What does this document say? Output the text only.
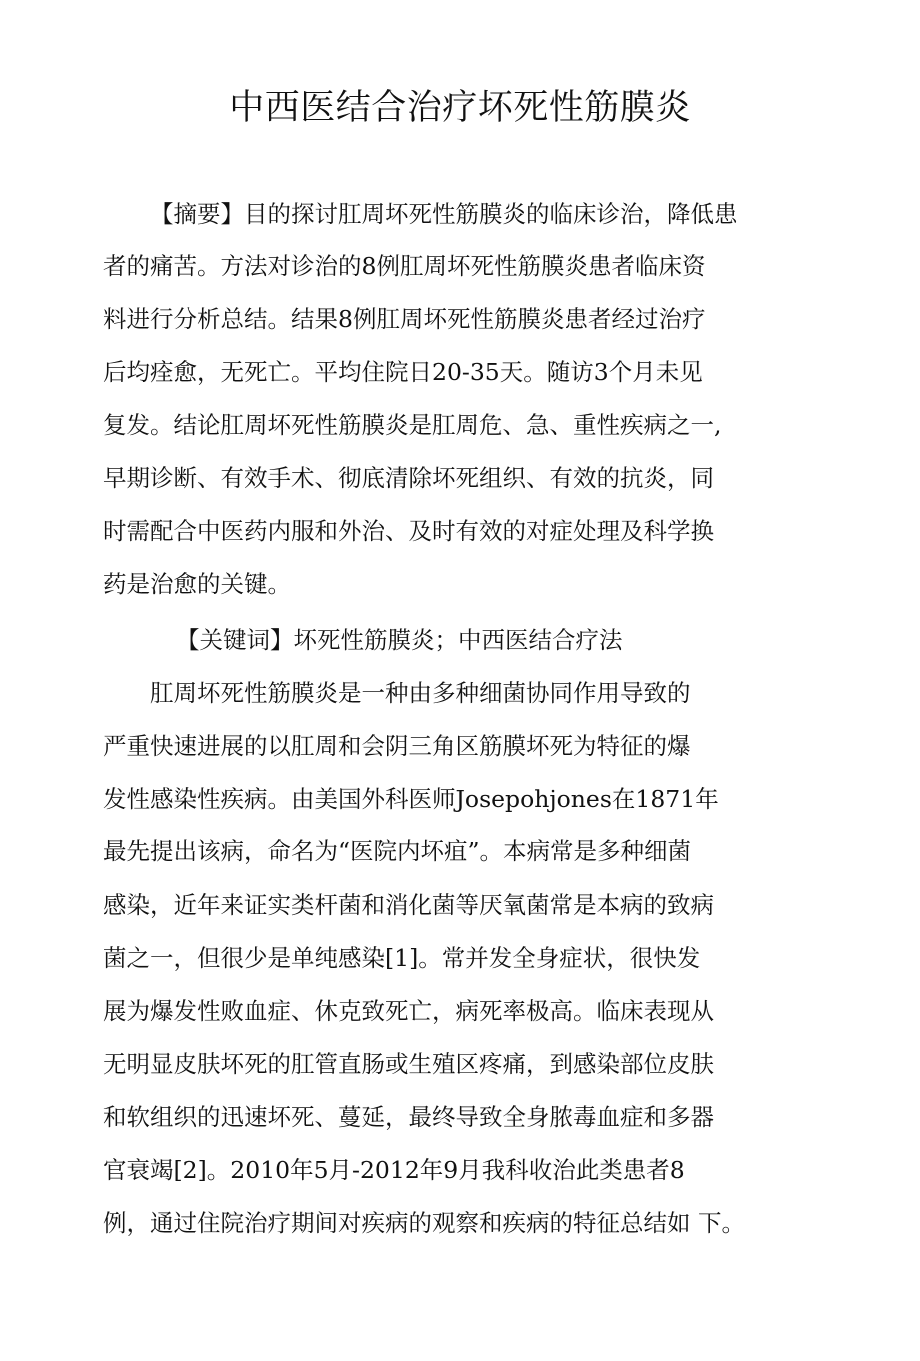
中西医结合治疗坏死性筋膜炎
【摘要】目的探讨肛周坏死性筋膜炎的临床诊治，降低患
者的痛苦。方法对诊治的8例肛周坏死性筋膜炎患者临床资
料进行分析总结。结果8例肛周坏死性筋膜炎患者经过治疗
后均痊愈，无死亡。平均住院日20-35天。随访3个月未见
复发。结论肛周坏死性筋膜炎是肛周危、急、重性疾病之一,
早期诊断、有效手术、彻底清除坏死组织、有效的抗炎，同
时需配合中医药内服和外治、及时有效的对症处理及科学换
药是治愈的关键。
【关键词】坏死性筋膜炎；中西医结合疗法
肛周坏死性筋膜炎是一种由多种细菌协同作用导致的
严重快速进展的以肛周和会阴三角区筋膜坏死为特征的爆
发性感染性疾病。由美国外科医师Josepohjones在1871年
最先提出该病，命名为“医院内坏疽”。本病常是多种细菌
感染，近年来证实类杆菌和消化菌等厌氧菌常是本病的致病
菌之一，但很少是单纯感染[1]。常并发全身症状，很快发
展为爆发性败血症、休克致死亡，病死率极高。临床表现从
无明显皮肤坏死的肛管直肠或生殖区疼痛，到感染部位皮肤
和软组织的迅速坏死、蔓延，最终导致全身脓毒血症和多器
官衰竭[2]。2010年5月-2012年9月我科收治此类患者8
例，通过住院治疗期间对疾病的观察和疾病的特征总结如 下。
